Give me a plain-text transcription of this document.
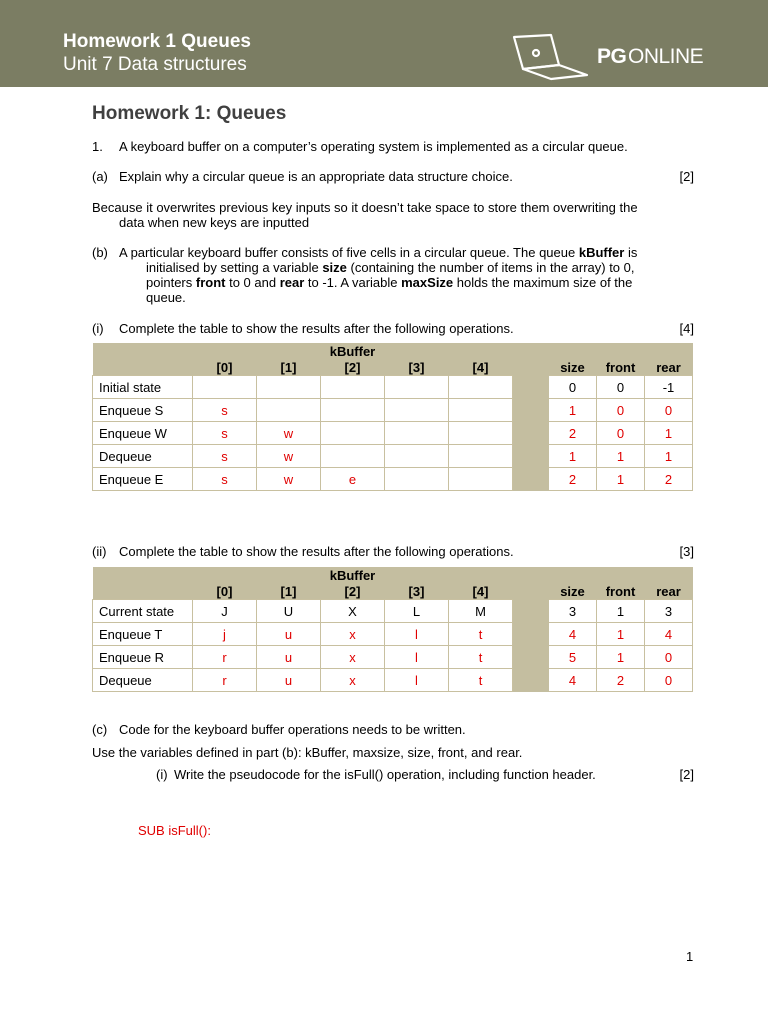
Homework 1 Queues
Unit 7 Data structures	PG ONLINE
Homework 1: Queues
1. A keyboard buffer on a computer’s operating system is implemented as a circular queue.
(a) Explain why a circular queue is an appropriate data structure choice.	[2]
Because it overwrites previous key inputs so it doesn’t take space to store them overwriting the
data when new keys are inputted
(b) A particular keyboard buffer consists of five cells in a circular queue. The queue kBuffer is
initialised by setting a variable size (containing the number of items in the array) to 0,
pointers front to 0 and rear to -1. A variable maxSize holds the maximum size of the
queue.
(i) Complete the table to show the results after the following operations.	[4]
	kBuffer								
	[0]	[1]	[2]	[3]	[4]		size	front	rear
Initial state							0	0	-1
Enqueue S	s						1	0	0
Enqueue W	s	w					2	0	1
Dequeue	s	w					1	1	1
Enqueue E	s	w	e				2	1	2
(ii) Complete the table to show the results after the following operations.	[3]
	kBuffer								
	[0]	[1]	[2]	[3]	[4]		size	front	rear
Current state	J	U	X	L	M		3	1	3
Enqueue T	j	u	x	l	t		4	1	4
Enqueue R	r	u	x	l	t		5	1	0
Dequeue	r	u	x	l	t		4	2	0
(c) Code for the keyboard buffer operations needs to be written.
Use the variables defined in part (b): kBuffer, maxsize, size, front, and rear.
(i) Write the pseudocode for the isFull() operation, including function header.	[2]
SUB isFull():
1
